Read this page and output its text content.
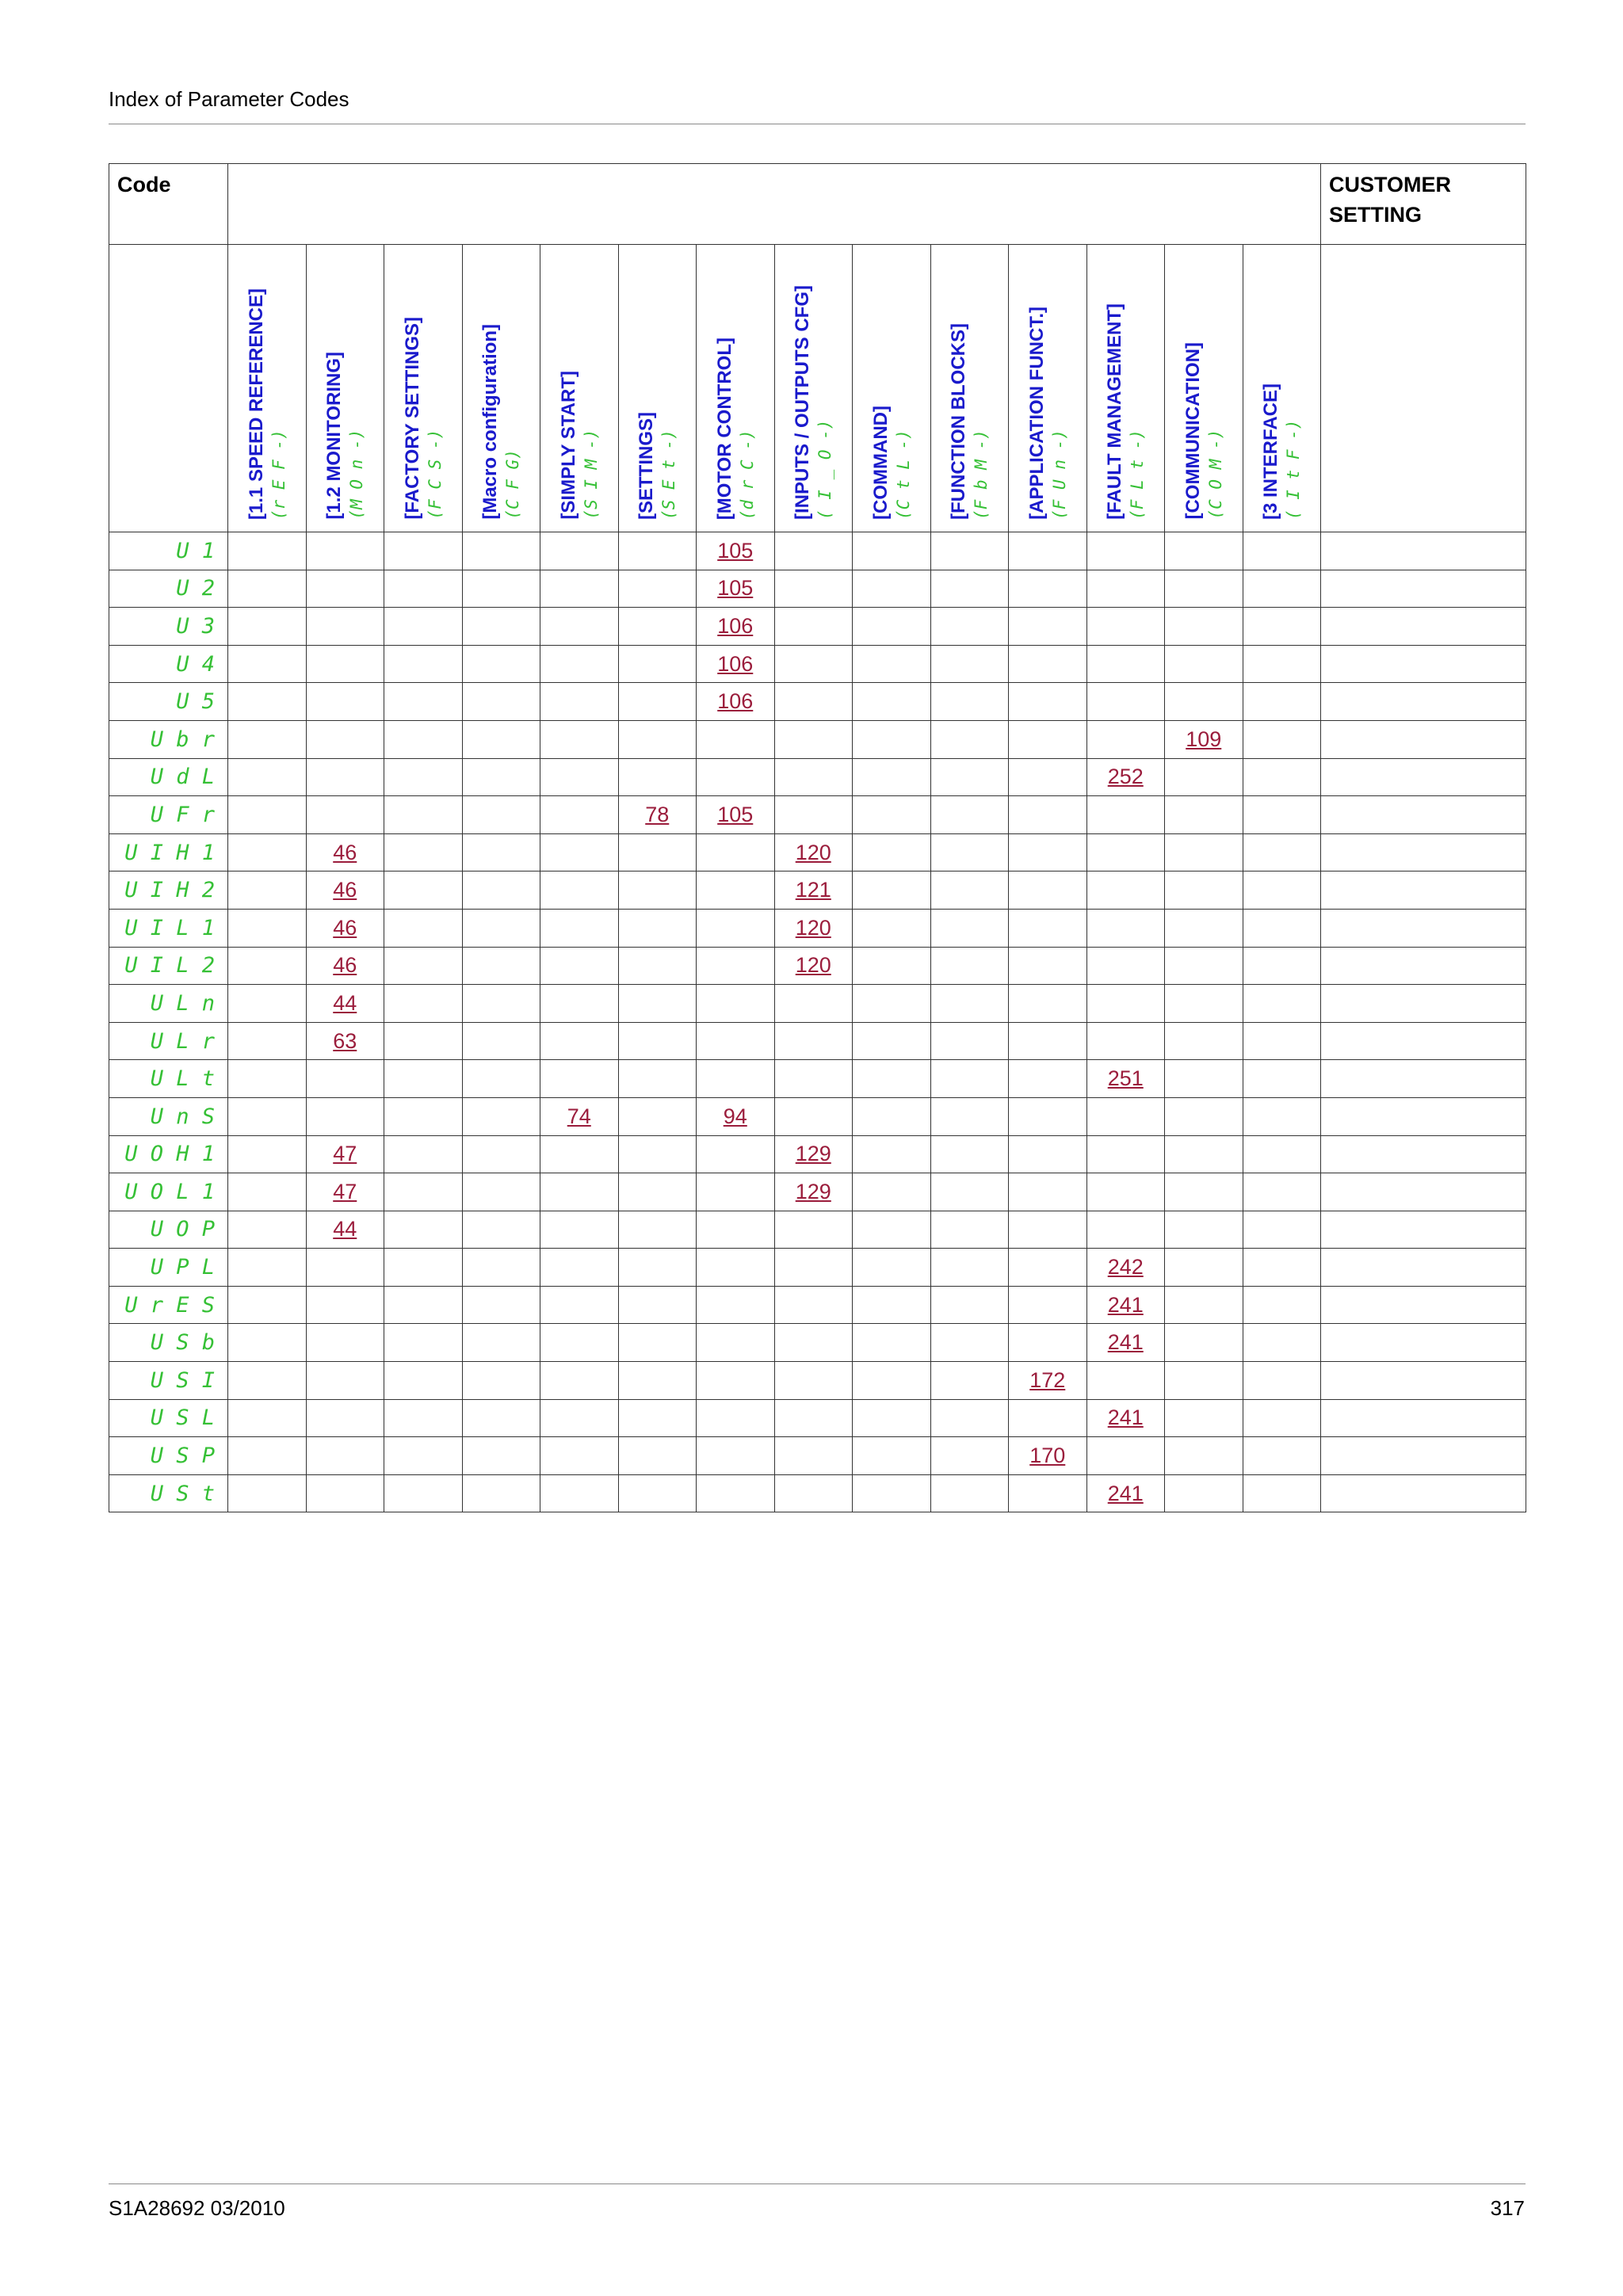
Index of Parameter Codes
Code															CUSTOMER SETTING

	[1.1 SPEED REFERENCE] (r E F -)	[1.2 MONITORING] (M O n -)	[FACTORY SETTINGS] (F C S -)	[Macro configuration] (C F G)	[SIMPLY START] (S I M -)	[SETTINGS] (S E t -)	[MOTOR CONTROL] (d r C -)	[INPUTS / OUTPUTS CFG] ( I _ O -)	[COMMAND] (C t L -)	[FUNCTION BLOCKS] (F b M -)	[APPLICATION FUNCT.] (F U n -)	[FAULT MANAGEMENT] (F L t -)	[COMMUNICATION] (C O M -)	[3 INTERFACE] ( I t F -)	

U 1							105								
U 2							105								
U 3							106								
U 4							106								
U 5							106								
U b r													109		
U d L												252			
U F r						78	105								
U I H 1		46						120							
U I H 2		46						121							
U I L 1		46						120							
U I L 2		46						120							
U L n		44													
U L r		63													
U L t												251			
U n S					74		94								
U O H 1		47						129							
U O L 1		47						129							
U O P		44													
U P L												242			
U r E S												241			
U S b												241			
U S I											172				
U S L												241			
U S P											170				
U S t												241			
S1A28692 03/2010	317
